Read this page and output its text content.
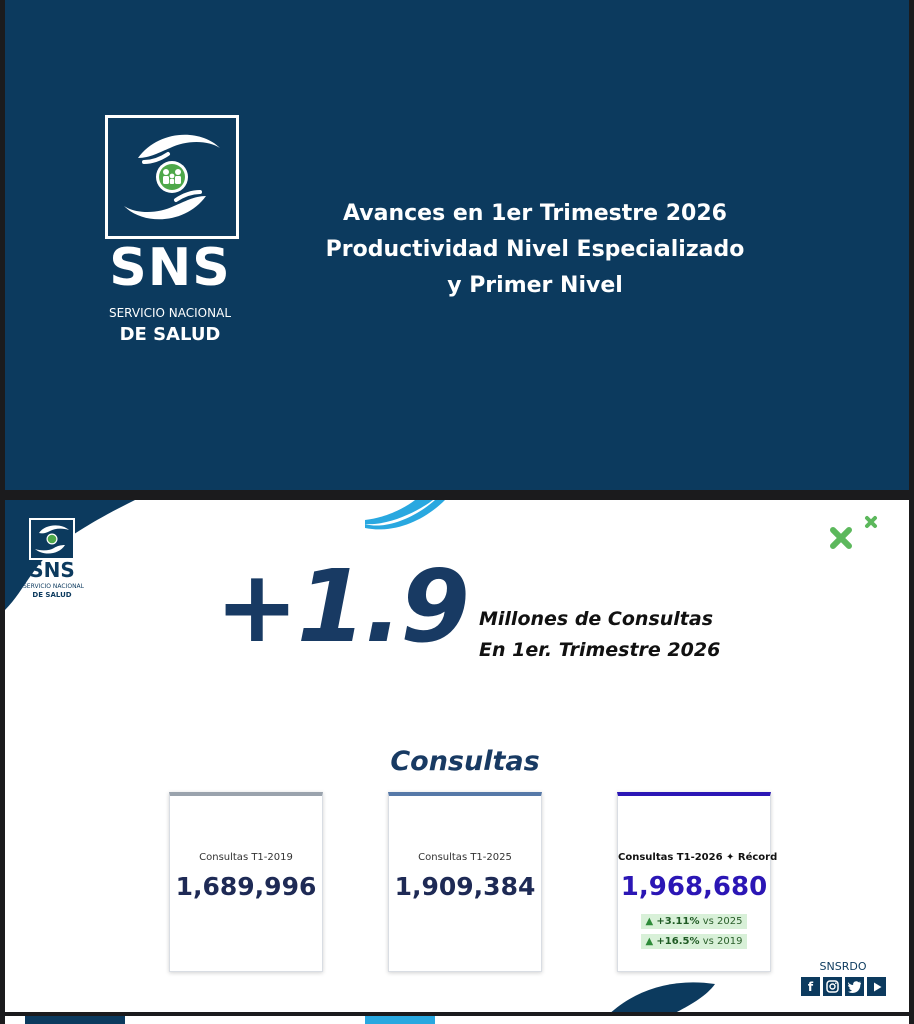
SNS
SERVICIO NACIONAL
DE SALUD
Avances en 1er Trimestre 2026
Productividad Nivel Especializado
y Primer Nivel
SNS
SERVICIO NACIONAL
DE SALUD +1.9 Millones de Consultas
En 1er. Trimestre 2026
Consultas
Consultas T1-2019
1,689,996
Consultas T1-2025
1,909,384
Consultas T1-2026 ✦ Récord
1,968,680
▲ +3.11% vs 2025
▲ +16.5% vs 2019
SNSRDO
f
